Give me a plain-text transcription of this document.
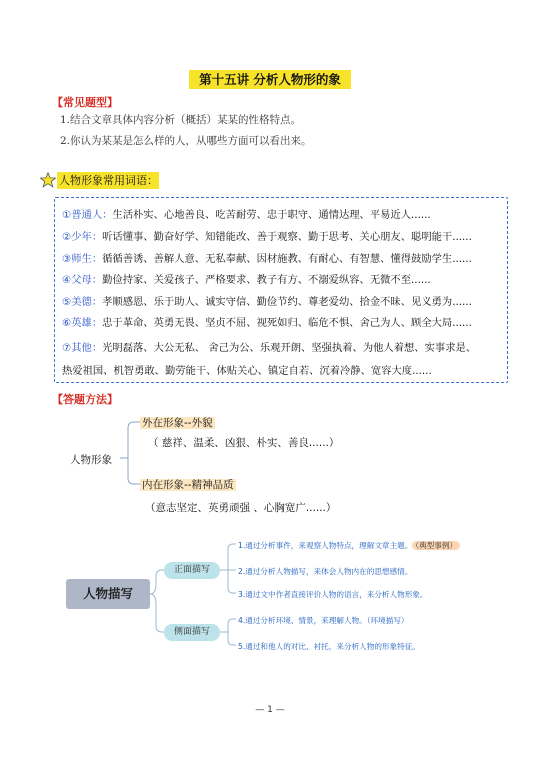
第十五讲 分析人物形的象
【常见题型】
1.结合文章具体内容分析（概括）某某的性格特点。
2.你认为某某是怎么样的人，从哪些方面可以看出来。
人物形象常用词语：
①普通人：生活朴实、心地善良、吃苦耐劳、忠于职守、通情达理、平易近人......
②少年：听话懂事、勤奋好学、知错能改、善于观察、勤于思考、关心朋友、聪明能干......
③师生：循循善诱、善解人意、无私奉献、因材施教、有耐心、有智慧、懂得鼓励学生......
④父母：勤俭持家、关爱孩子、严格要求、教子有方、不溺爱纵容、无微不至......
⑤美德：孝顺感恩、乐于助人、诚实守信、勤俭节约、尊老爱幼、拾金不昧、见义勇为......
⑥英雄：忠于革命、英勇无畏、坚贞不屈、视死如归、临危不惧、舍己为人、顾全大局......
⑦其他：光明磊落、大公无私、 舍己为公、乐观开朗、坚强执着、为他人着想、实事求是、
热爱祖国、机智勇敢、勤劳能干、体贴关心、镇定自若、沉着冷静、宽容大度......
【答题方法】
人物形象
外在形象--外貌
（ 慈祥、温柔、凶狠、朴实、善良......）
内在形象--精神品质
（意志坚定、英勇顽强 、心胸宽广......）
人物描写
正面描写
侧面描写
1.通过分析事件，来观察人物特点，理解文章主题。 （典型事例）
2.通过分析人物描写，来体会人物内在的思想感情。
3.通过文中作者直接评价人物的语言，来分析人物形象。
4.通过分析环境、情景，来理解人物。（环境描写）
5.通过和他人的对比、衬托，来分析人物的形象特征。
— 1 —
